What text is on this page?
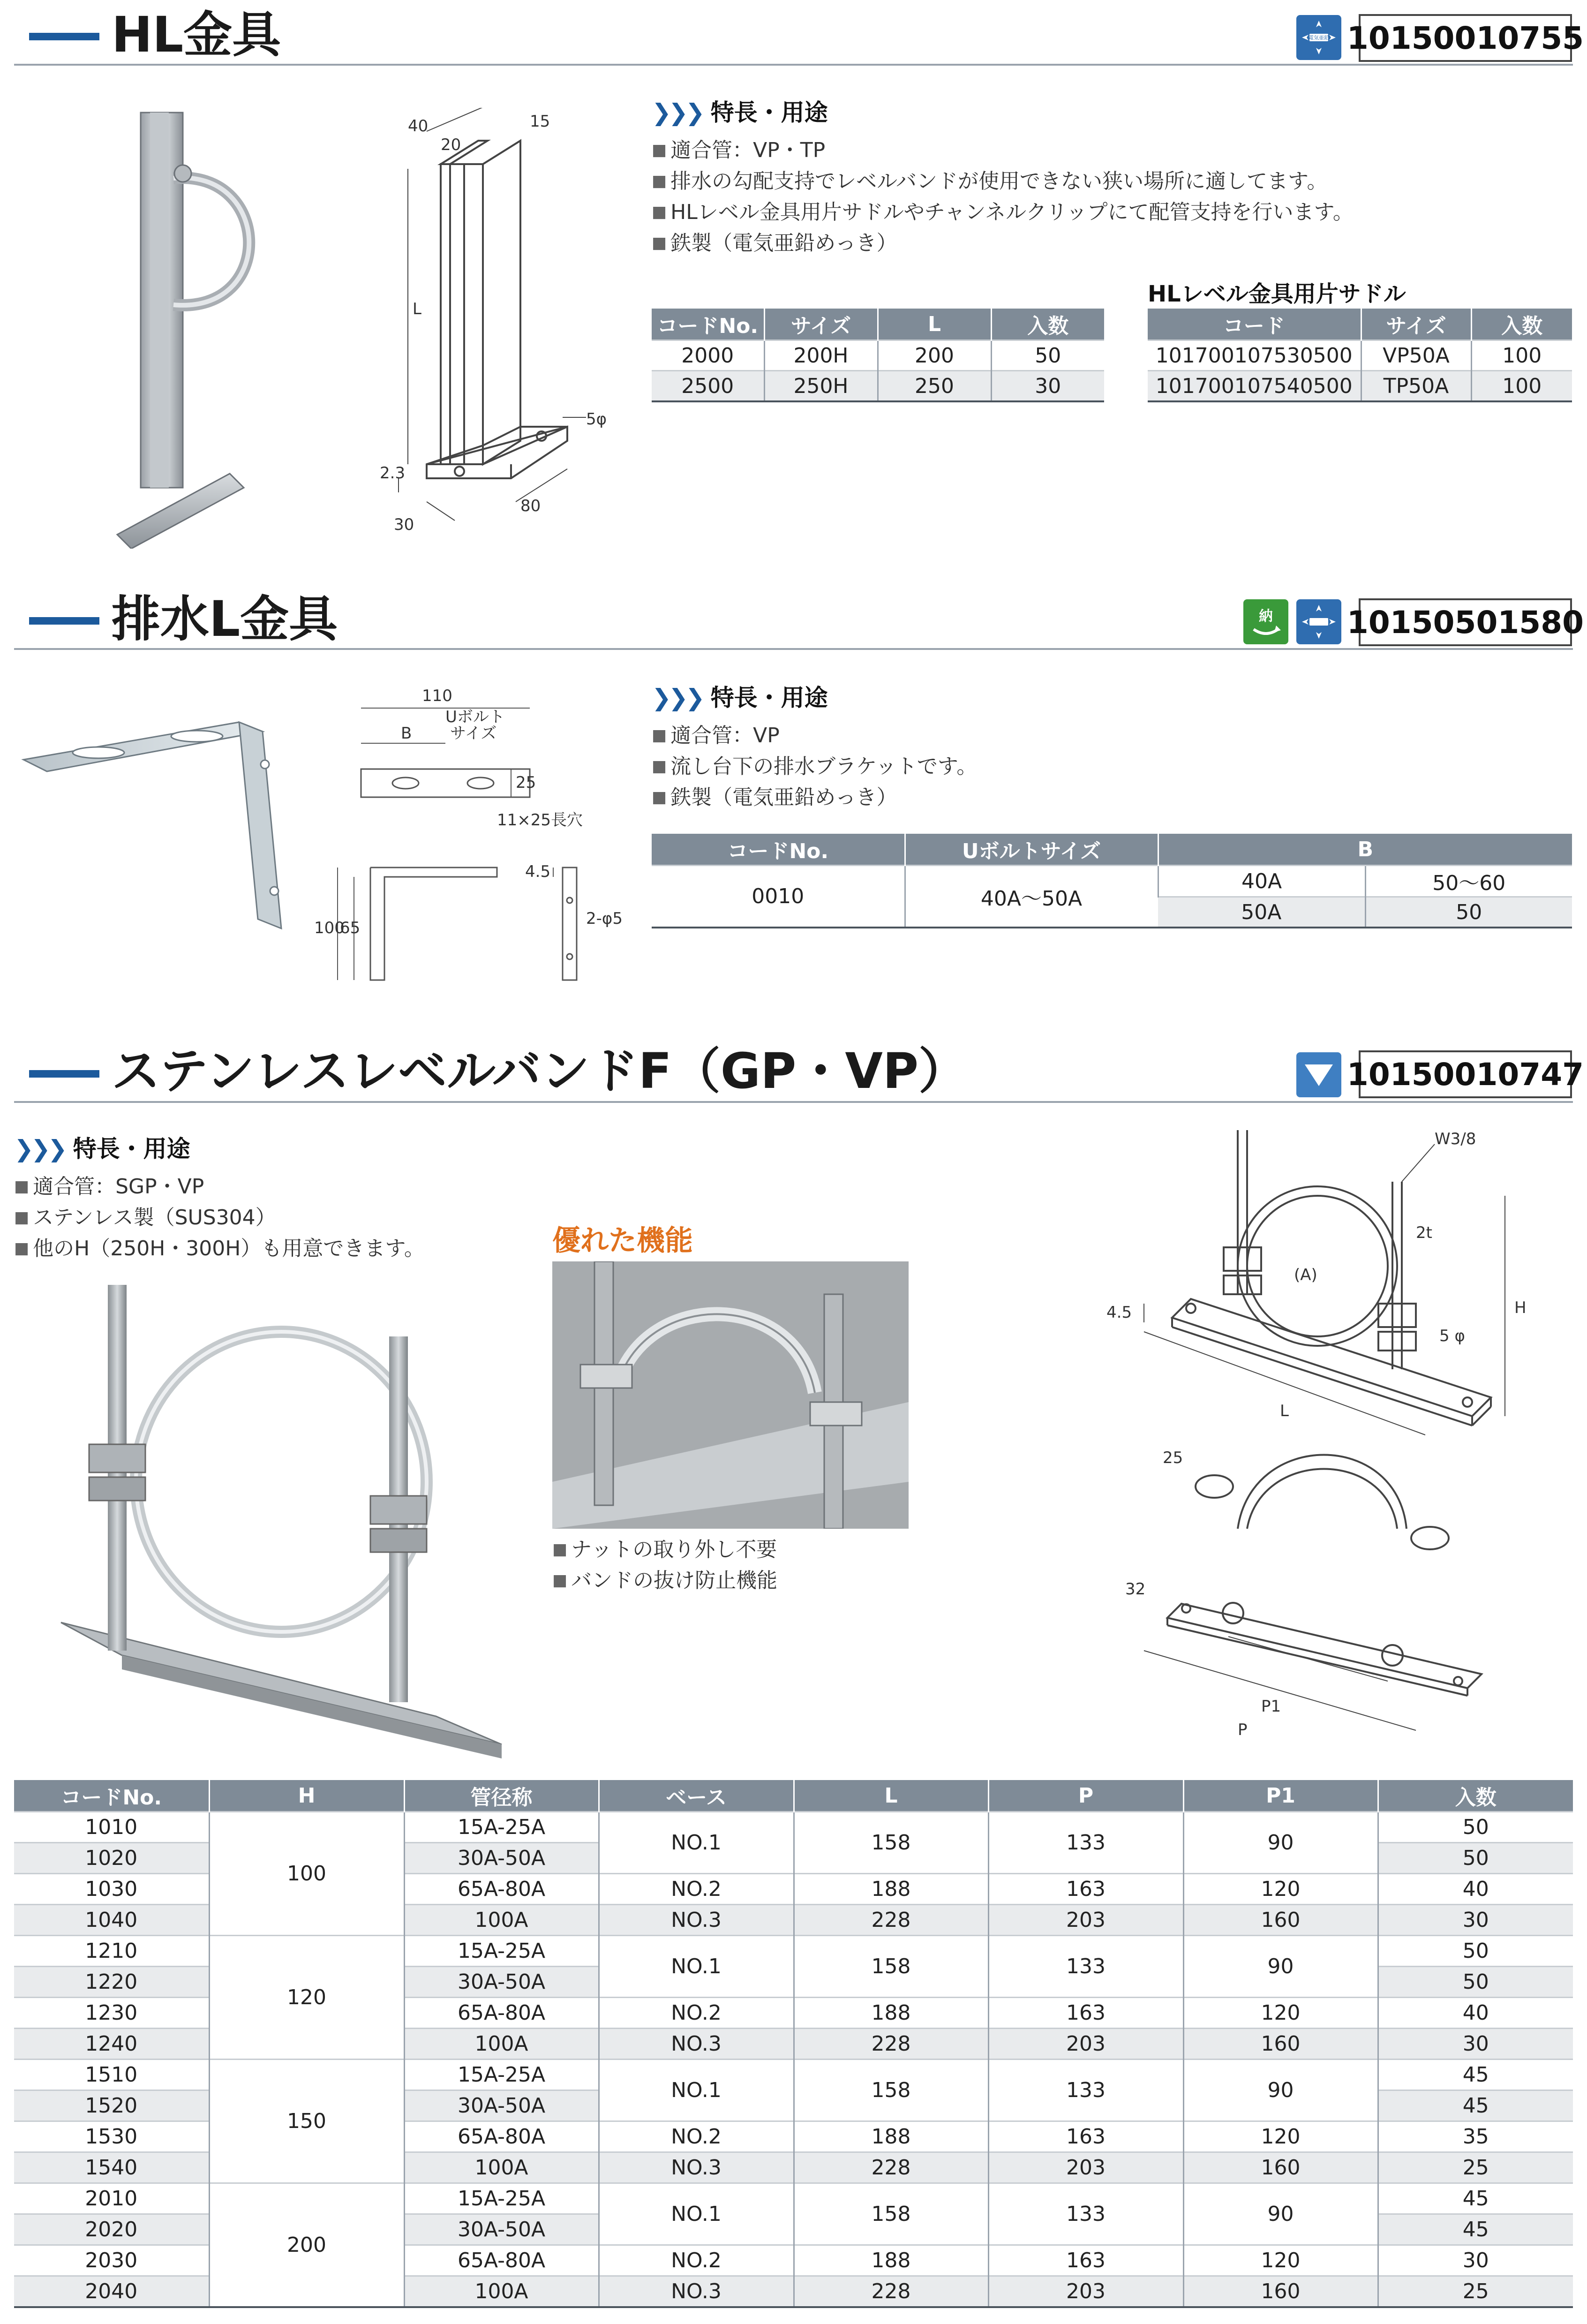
HL金具	電気亜鉛 10150010755
40
20
15
L
5φ
2.3
30
80
❯❯❯ 特長・用途
■ 適合管：VP・TP
■ 排水の勾配支持でレベルバンドが使用できない狭い場所に適してます。
■ HLレベル金具用片サドルやチャンネルクリップにて配管支持を行います。
■ 鉄製（電気亜鉛めっき）
コードNo.	サイズ	L	入数
2000	200H	200	50
2500	250H	250	30
HLレベル金具用片サドル
コード	サイズ	入数
101700107530500	VP50A	100
101700107540500	TP50A	100
排水L金具	納 10150501580
110
B
Uボルト
サイズ
25
11×25長穴
100
65
4.5
2-φ5
❯❯❯ 特長・用途
■ 適合管：VP
■ 流し台下の排水ブラケットです。
■ 鉄製（電気亜鉛めっき）
コードNo.	Uボルトサイズ	B	
0010	40A～50A	40A	50～60
		50A	50
ステンレスレベルバンドF（GP・VP）	10150010747
❯❯❯ 特長・用途
■ 適合管：SGP・VP
■ ステンレス製（SUS304）
■ 他のH（250H・300H）も用意できます。	優れた機能
■ ナットの取り外し不要
■ バンドの抜け防止機能
W3/8
2t
(A)
H
4.5
5 φ
L
25
32
P1
P
コードNo.	H	管径称	ベース	L	P	P1	入数
1010	100	15A-25A	NO.1	158	133	90	50
1020		30A-50A					50
1030		65A-80A	NO.2	188	163	120	40
1040		100A	NO.3	228	203	160	30
1210	120	15A-25A	NO.1	158	133	90	50
1220		30A-50A					50
1230		65A-80A	NO.2	188	163	120	40
1240		100A	NO.3	228	203	160	30
1510	150	15A-25A	NO.1	158	133	90	45
1520		30A-50A					45
1530		65A-80A	NO.2	188	163	120	35
1540		100A	NO.3	228	203	160	25
2010	200	15A-25A	NO.1	158	133	90	45
2020		30A-50A					45
2030		65A-80A	NO.2	188	163	120	30
2040		100A	NO.3	228	203	160	25
